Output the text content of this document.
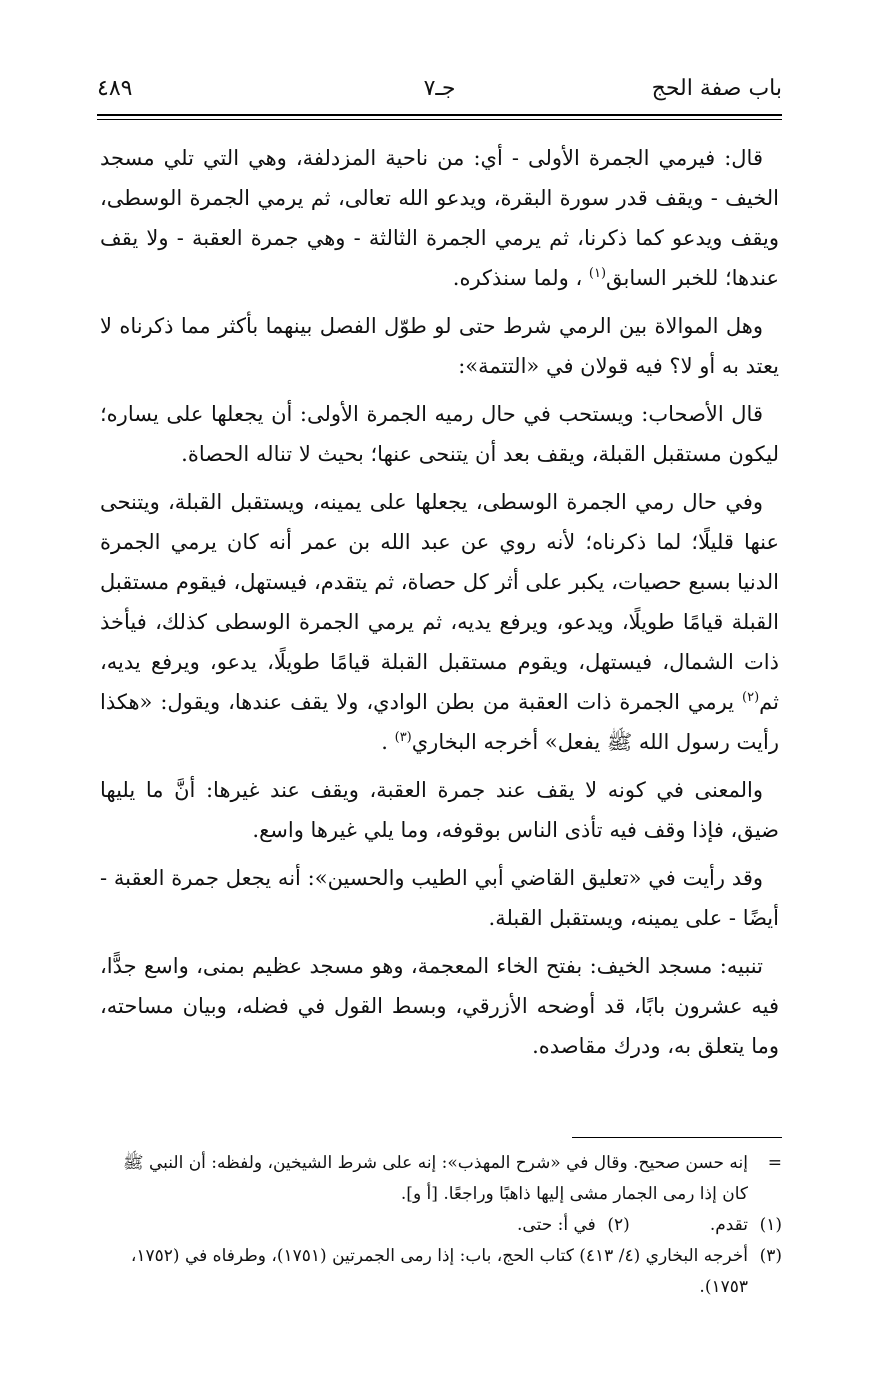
باب صفة الحج
جـ٧
٤٨٩

قال: فيرمي الجمرة الأولى - أي: من ناحية المزدلفة، وهي التي تلي مسجد الخيف - ويقف قدر سورة البقرة، ويدعو الله تعالى، ثم يرمي الجمرة الوسطى، ويقف ويدعو كما ذكرنا، ثم يرمي الجمرة الثالثة - وهي جمرة العقبة - ولا يقف عندها؛ للخبر السابق$^{(١)}$ ، ولما سنذكره.

وهل الموالاة بين الرمي شرط حتى لو طوّل الفصل بينهما بأكثر مما ذكرناه لا يعتد به أو لا؟ فيه قولان في «التتمة»:

قال الأصحاب: ويستحب في حال رميه الجمرة الأولى: أن يجعلها على يساره؛ ليكون مستقبل القبلة، ويقف بعد أن يتنحى عنها؛ بحيث لا تناله الحصاة.

وفي حال رمي الجمرة الوسطى، يجعلها على يمينه، ويستقبل القبلة، ويتنحى عنها قليلًا؛ لما ذكرناه؛ لأنه روي عن عبد الله بن عمر أنه كان يرمي الجمرة الدنيا بسبع حصيات، يكبر على أثر كل حصاة، ثم يتقدم، فيستهل، فيقوم مستقبل القبلة قيامًا طويلًا، ويدعو، ويرفع يديه، ثم يرمي الجمرة الوسطى كذلك، فيأخذ ذات الشمال، فيستهل، ويقوم مستقبل القبلة قيامًا طويلًا، يدعو، ويرفع يديه، ثم$^{(٢)}$ يرمي الجمرة ذات العقبة من بطن الوادي، ولا يقف عندها، ويقول: «هكذا رأيت رسول الله ﷺ يفعل» أخرجه البخاري$^{(٣)}$ .

والمعنى في كونه لا يقف عند جمرة العقبة، ويقف عند غيرها: أنَّ ما يليها ضيق، فإذا وقف فيه تأذى الناس بوقوفه، وما يلي غيرها واسع.

وقد رأيت في «تعليق القاضي أبي الطيب والحسين»: أنه يجعل جمرة العقبة - أيضًا - على يمينه، ويستقبل القبلة.

تنبيه: مسجد الخيف: بفتح الخاء المعجمة، وهو مسجد عظيم بمنى، واسع جدًّا، فيه عشرون بابًا، قد أوضحه الأزرقي، وبسط القول في فضله، وبيان مساحته، وما يتعلق به، ودرك مقاصده.

=
إنه حسن صحيح. وقال في «شرح المهذب»: إنه على شرط الشيخين، ولفظه: أن النبي ﷺ كان إذا رمى الجمار مشى إليها ذاهبًا وراجعًا. [أ و].
(١)
تقدم.
(٢)
في أ: حتى.
(٣)
أخرجه البخاري (٤/ ٤١٣) كتاب الحج، باب: إذا رمى الجمرتين (١٧٥١)، وطرفاه في (١٧٥٢، ١٧٥٣).
